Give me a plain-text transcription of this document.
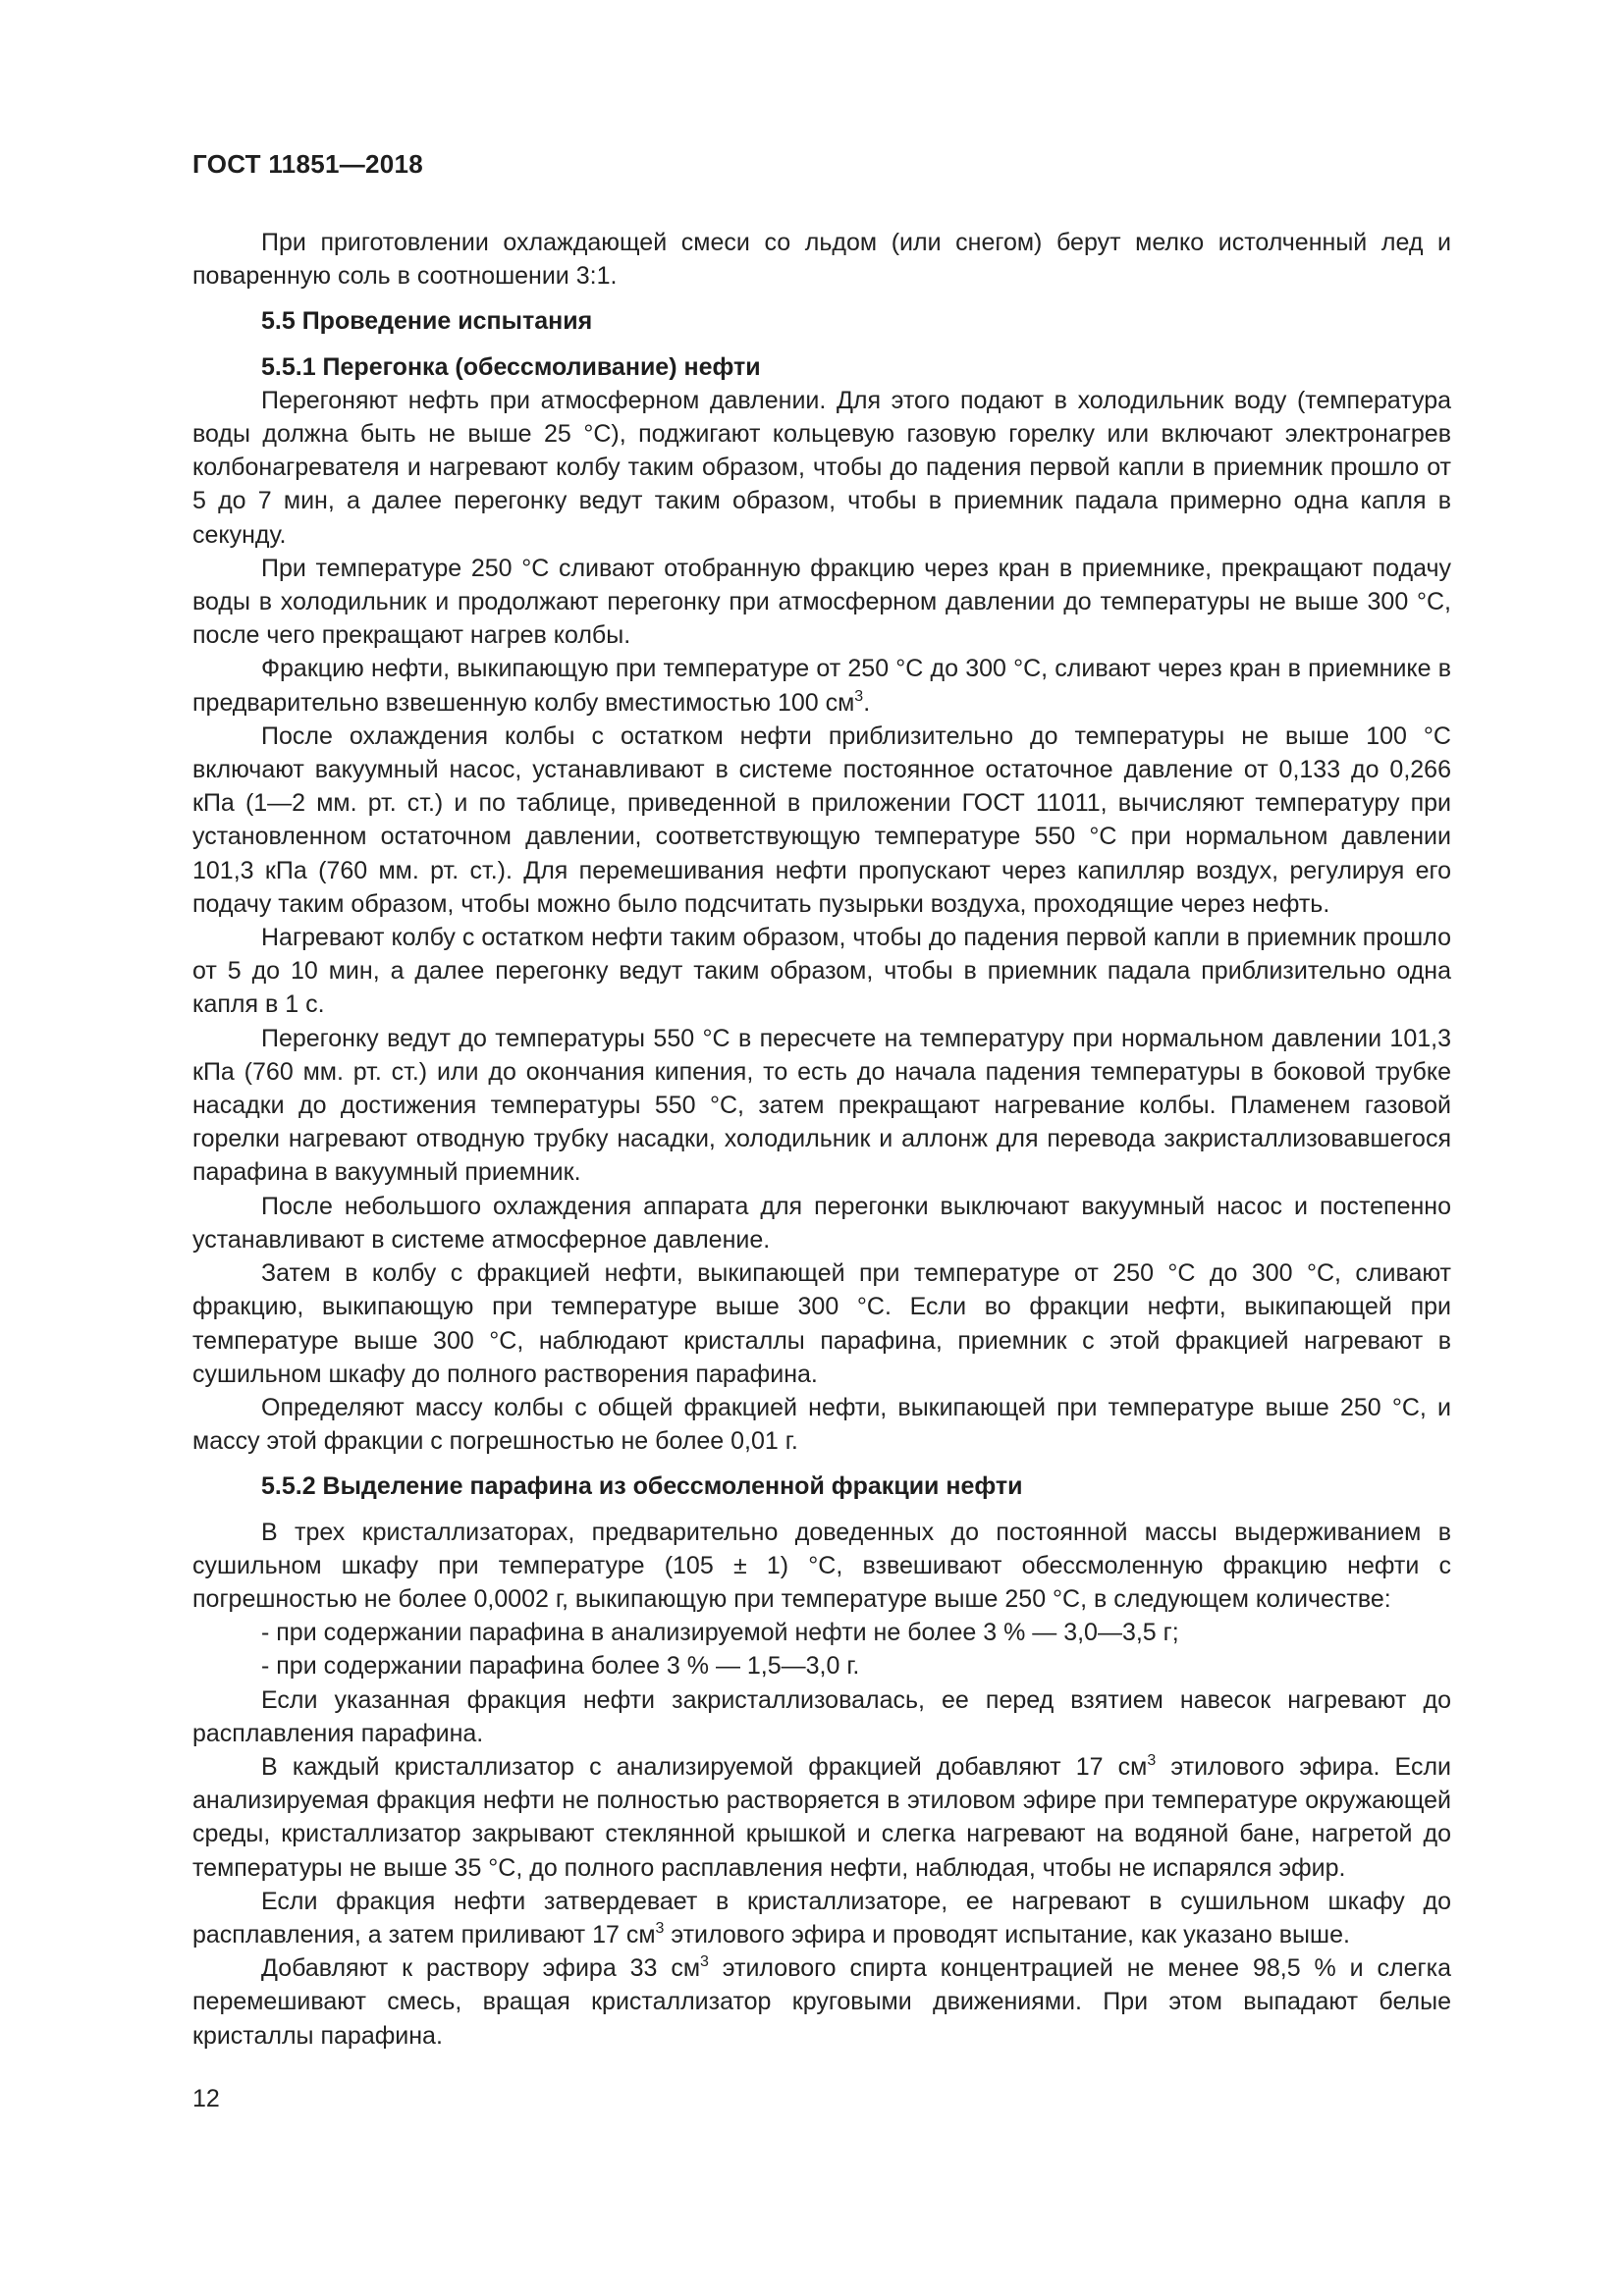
ГОСТ 11851—2018

При приготовлении охлаждающей смеси со льдом (или снегом) берут мелко истолченный лед и поваренную соль в соотношении 3:1.

5.5 Проведение испытания
5.5.1 Перегонка (обессмоливание) нефти

Перегоняют нефть при атмосферном давлении. Для этого подают в холодильник воду (температура воды должна быть не выше 25 °С), поджигают кольцевую газовую горелку или включают электронагрев колбонагревателя и нагревают колбу таким образом, чтобы до падения первой капли в приемник прошло от 5 до 7 мин, а далее перегонку ведут таким образом, чтобы в приемник падала примерно одна капля в секунду.

При температуре 250 °С сливают отобранную фракцию через кран в приемнике, прекращают подачу воды в холодильник и продолжают перегонку при атмосферном давлении до температуры не выше 300 °С, после чего прекращают нагрев колбы.

Фракцию нефти, выкипающую при температуре от 250 °С до 300 °С, сливают через кран в приемнике в предварительно взвешенную колбу вместимостью 100 $см^3$.

После охлаждения колбы с остатком нефти приблизительно до температуры не выше 100 °С включают вакуумный насос, устанавливают в системе постоянное остаточное давление от 0,133 до 0,266 кПа (1—2 мм. рт. ст.) и по таблице, приведенной в приложении ГОСТ 11011, вычисляют температуру при установленном остаточном давлении, соответствующую температуре 550 °С при нормальном давлении 101,3 кПа (760 мм. рт. ст.). Для перемешивания нефти пропускают через капилляр воздух, регулируя его подачу таким образом, чтобы можно было подсчитать пузырьки воздуха, проходящие через нефть.

Нагревают колбу с остатком нефти таким образом, чтобы до падения первой капли в приемник прошло от 5 до 10 мин, а далее перегонку ведут таким образом, чтобы в приемник падала приблизительно одна капля в 1 с.

Перегонку ведут до температуры 550 °С в пересчете на температуру при нормальном давлении 101,3 кПа (760 мм. рт. ст.) или до окончания кипения, то есть до начала падения температуры в боковой трубке насадки до достижения температуры 550 °С, затем прекращают нагревание колбы. Пламенем газовой горелки нагревают отводную трубку насадки, холодильник и аллонж для перевода закристаллизовавшегося парафина в вакуумный приемник.

После небольшого охлаждения аппарата для перегонки выключают вакуумный насос и постепенно устанавливают в системе атмосферное давление.

Затем в колбу с фракцией нефти, выкипающей при температуре от 250 °С до 300 °С, сливают фракцию, выкипающую при температуре выше 300 °С. Если во фракции нефти, выкипающей при температуре выше 300 °С, наблюдают кристаллы парафина, приемник с этой фракцией нагревают в сушильном шкафу до полного растворения парафина.

Определяют массу колбы с общей фракцией нефти, выкипающей при температуре выше 250 °С, и массу этой фракции с погрешностью не более 0,01 г.

5.5.2 Выделение парафина из обессмоленной фракции нефти

В трех кристаллизаторах, предварительно доведенных до постоянной массы выдерживанием в сушильном шкафу при температуре (105 ± 1) °С, взвешивают обессмоленную фракцию нефти с погрешностью не более 0,0002 г, выкипающую при температуре выше 250 °С, в следующем количестве:

- при содержании парафина в анализируемой нефти не более 3 % — 3,0—3,5 г;

- при содержании парафина более 3 % — 1,5—3,0 г.

Если указанная фракция нефти закристаллизовалась, ее перед взятием навесок нагревают до расплавления парафина.

В каждый кристаллизатор с анализируемой фракцией добавляют 17 $см^3$ этилового эфира. Если анализируемая фракция нефти не полностью растворяется в этиловом эфире при температуре окружающей среды, кристаллизатор закрывают стеклянной крышкой и слегка нагревают на водяной бане, нагретой до температуры не выше 35 °С, до полного расплавления нефти, наблюдая, чтобы не испарялся эфир.

Если фракция нефти затвердевает в кристаллизаторе, ее нагревают в сушильном шкафу до расплавления, а затем приливают 17 $см^3$ этилового эфира и проводят испытание, как указано выше.

Добавляют к раствору эфира 33 $см^3$ этилового спирта концентрацией не менее 98,5 % и слегка перемешивают смесь, вращая кристаллизатор круговыми движениями. При этом выпадают белые кристаллы парафина.

12
